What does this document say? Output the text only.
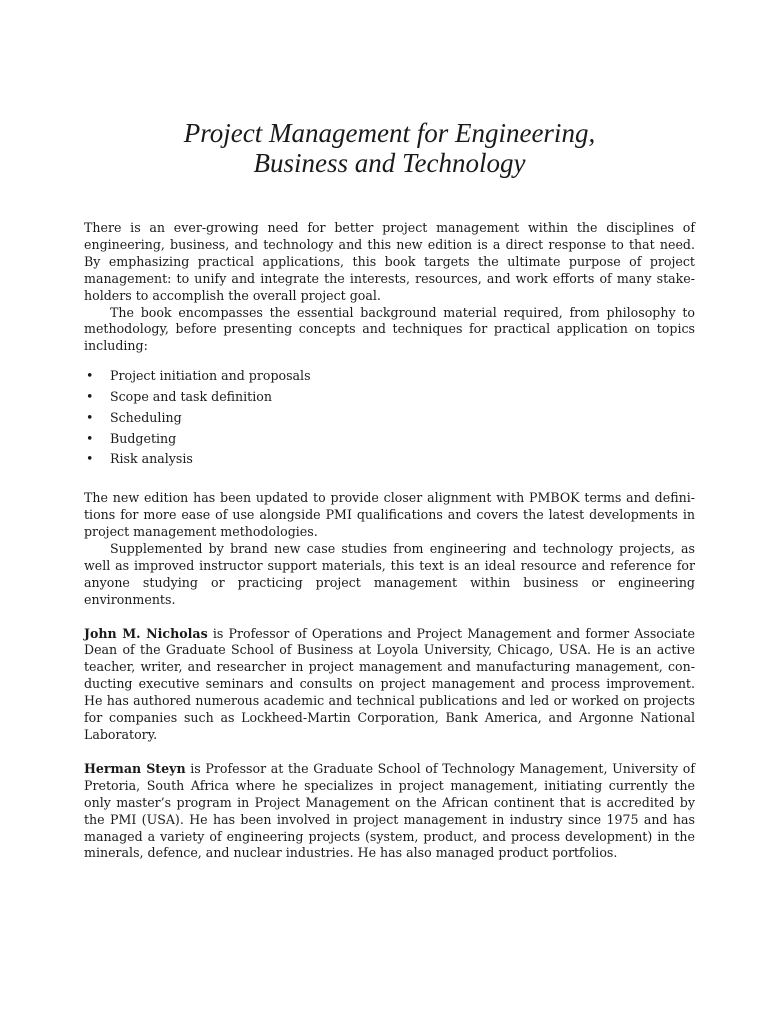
Project Management for Engineering,
Business and Technology

There is an ever-growing need for better project management within the disciplines of engineering, business, and technology and this new edition is a direct response to that need. By emphasizing practical applications, this book targets the ultimate purpose of project management: to unify and integrate the interests, resources, and work efforts of many stake-holders to accomplish the overall project goal.

The book encompasses the essential background material required, from philosophy to methodology, before presenting concepts and techniques for practical application on topics including:

• Project initiation and proposals
• Scope and task definition
• Scheduling
• Budgeting
• Risk analysis

The new edition has been updated to provide closer alignment with PMBOK terms and defini-tions for more ease of use alongside PMI qualifications and covers the latest developments in project management methodologies.

Supplemented by brand new case studies from engineering and technology projects, as well as improved instructor support materials, this text is an ideal resource and reference for anyone studying or practicing project management within business or engineering environments.

John M. Nicholas is Professor of Operations and Project Management and former Associate Dean of the Graduate School of Business at Loyola University, Chicago, USA. He is an active teacher, writer, and researcher in project management and manufacturing management, con-ducting executive seminars and consults on project management and process improvement. He has authored numerous academic and technical publications and led or worked on projects for companies such as Lockheed-Martin Corporation, Bank America, and Argonne National Laboratory.

Herman Steyn is Professor at the Graduate School of Technology Management, University of Pretoria, South Africa where he specializes in project management, initiating currently the only master’s program in Project Management on the African continent that is accredited by the PMI (USA). He has been involved in project management in industry since 1975 and has managed a variety of engineering projects (system, product, and process development) in the minerals, defence, and nuclear industries. He has also managed product portfolios.
